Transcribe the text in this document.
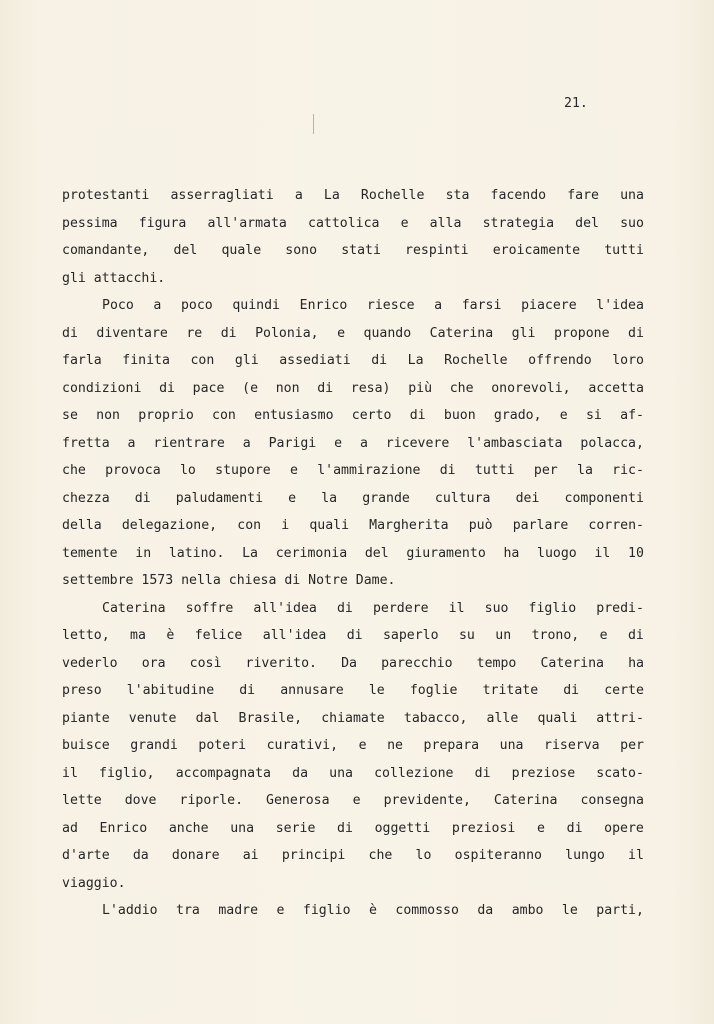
21.

protestanti asserragliati a La Rochelle sta facendo fare una

pessima figura all'armata cattolica e alla strategia del suo

comandante, del quale sono stati respinti eroicamente tutti

gli attacchi.

Poco a poco quindi Enrico riesce a farsi piacere l'idea

di diventare re di Polonia, e quando Caterina gli propone di

farla finita con gli assediati di La Rochelle offrendo loro

condizioni di pace (e non di resa) più che onorevoli, accetta

se non proprio con entusiasmo certo di buon grado, e si af-

fretta a rientrare a Parigi e a ricevere l'ambasciata polacca,

che provoca lo stupore e l'ammirazione di tutti per la ric-

chezza di paludamenti e la grande cultura dei componenti

della delegazione, con i quali Margherita può parlare corren-

temente in latino. La cerimonia del giuramento ha luogo il 10

settembre 1573 nella chiesa di Notre Dame.

Caterina soffre all'idea di perdere il suo figlio predi-

letto, ma è felice all'idea di saperlo su un trono, e di

vederlo ora così riverito. Da parecchio tempo Caterina ha

preso l'abitudine di annusare le foglie tritate di certe

piante venute dal Brasile, chiamate tabacco, alle quali attri-

buisce grandi poteri curativi, e ne prepara una riserva per

il figlio, accompagnata da una collezione di preziose scato-

lette dove riporle. Generosa e previdente, Caterina consegna

ad Enrico anche una serie di oggetti preziosi e di opere

d'arte da donare ai principi che lo ospiteranno lungo il

viaggio.

L'addio tra madre e figlio è commosso da ambo le parti,
